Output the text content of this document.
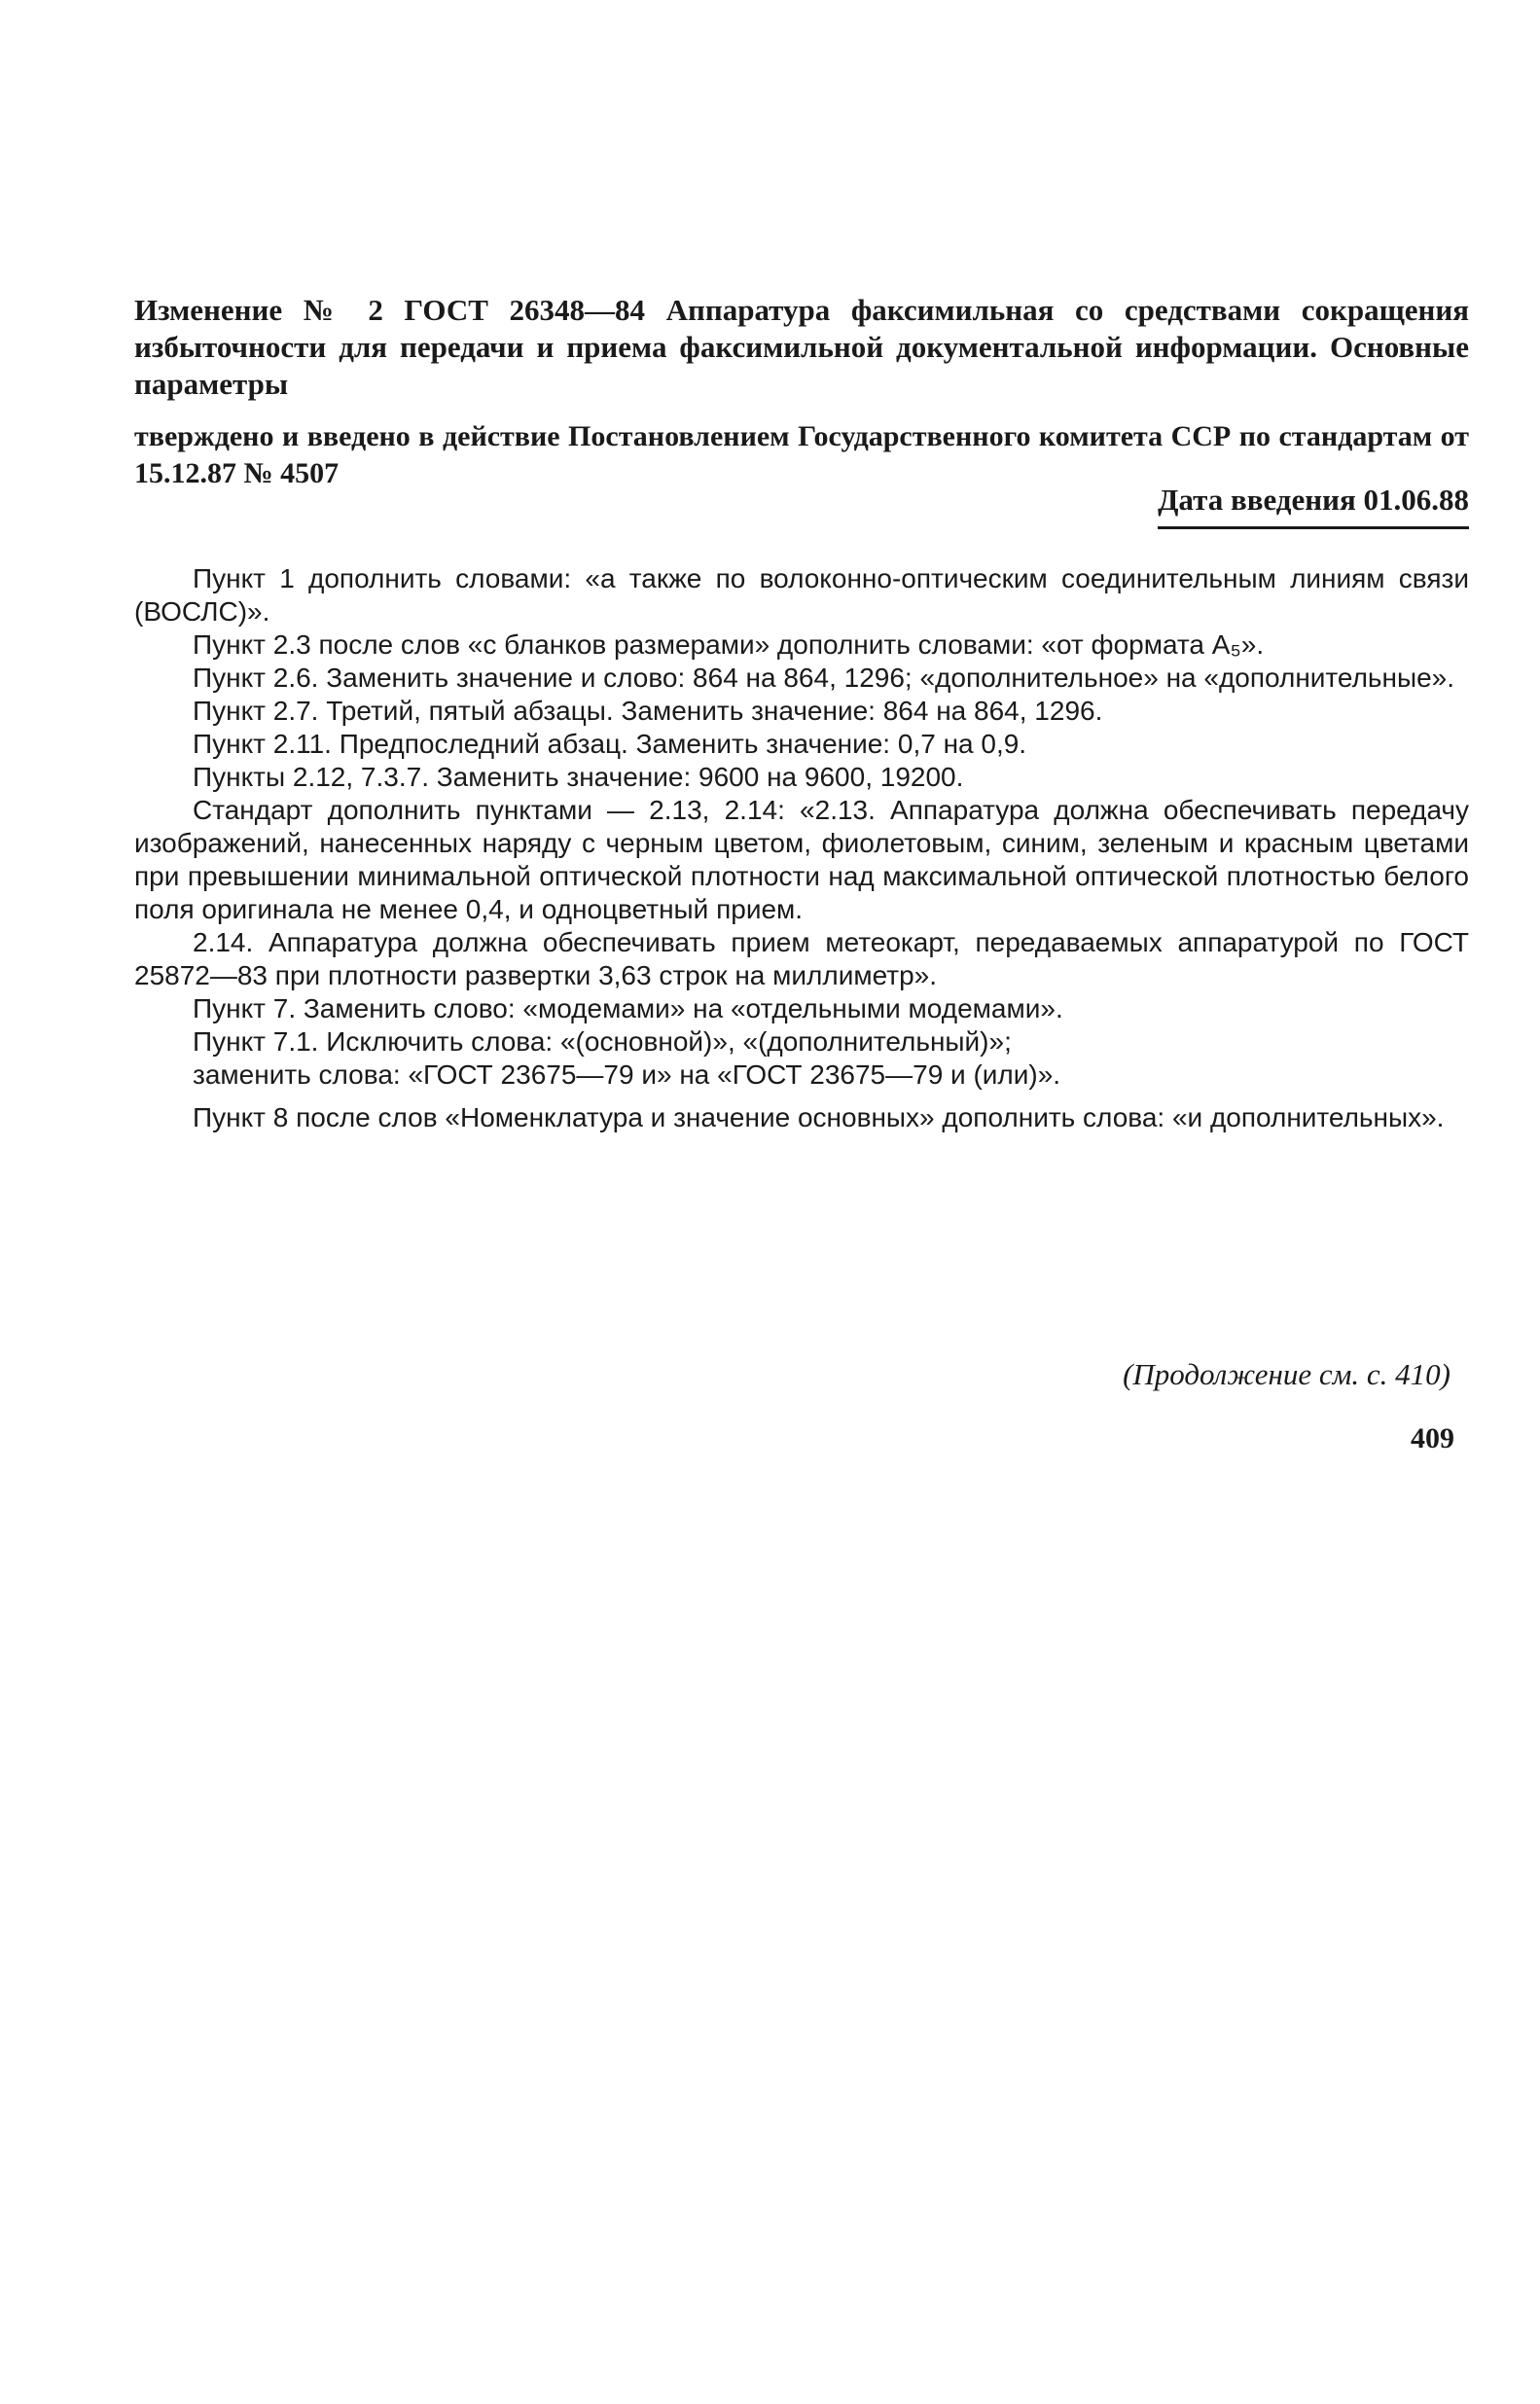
Изменение № 2 ГОСТ 26348—84 Аппаратура факсимильная со средствами сокращения избыточности для передачи и приема факсимильной документальной информации. Основные параметры
твержденo и введено в действие Постановлением Государственного комитета ССР по стандартам от 15.12.87 № 4507
Дата введения 01.06.88

Пункт 1 дополнить словами: «а также по волоконно-оптическим соединительным линиям связи (ВОСЛС)».

Пункт 2.3 после слов «с бланков размерами» дополнить словами: «от формата А₅».

Пункт 2.6. Заменить значение и слово: 864 на 864, 1296; «дополнительное» на «дополнительные».

Пункт 2.7. Третий, пятый абзацы. Заменить значение: 864 на 864, 1296.

Пункт 2.11. Предпоследний абзац. Заменить значение: 0,7 на 0,9.

Пункты 2.12, 7.3.7. Заменить значение: 9600 на 9600, 19200.

Стандарт дополнить пунктами — 2.13, 2.14: «2.13. Аппаратура должна обеспечивать передачу изображений, нанесенных наряду с черным цветом, фиолетовым, синим, зеленым и красным цветами при превышении минимальной оптической плотности над максимальной оптической плотностью белого поля оригинала не менее 0,4, и одноцветный прием.

2.14. Аппаратура должна обеспечивать прием метеокарт, передаваемых аппаратурой по ГОСТ 25872—83 при плотности развертки 3,63 строк на миллиметр».

Пункт 7. Заменить слово: «модемами» на «отдельными модемами».

Пункт 7.1. Исключить слова: «(основной)», «(дополнительный)»;

заменить слова: «ГОСТ 23675—79 и» на «ГОСТ 23675—79 и (или)».

Пункт 8 после слов «Номенклатура и значение основных» дополнить слова: «и дополнительных».

(Продолжение см. с. 410)
409
